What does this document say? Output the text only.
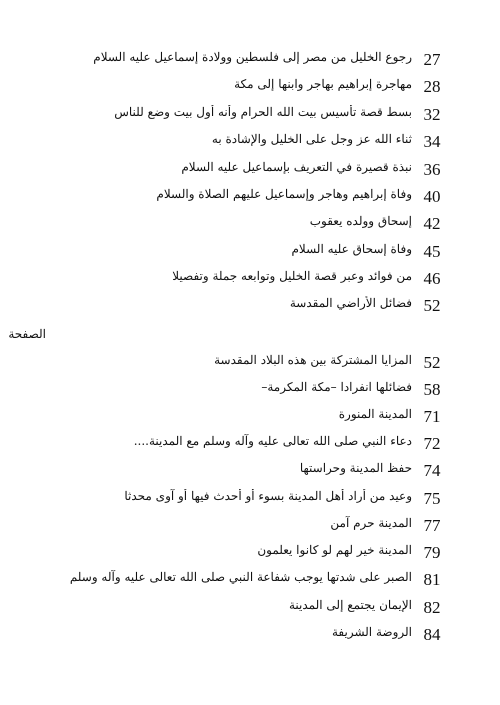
27
رجوع الخليل من مصر إلى فلسطين وولادة إسماعيل عليه السلام
28
مهاجرة إبراهيم بهاجر وابنها إلى مكة
32
بسط قصة تأسيس بيت الله الحرام وأنه أول بيت وضع للناس
34
ثناء الله عز وجل على الخليل والإشادة به
36
نبذة قصيرة في التعريف بإسماعيل عليه السلام
40
وفاة إبراهيم وهاجر وإسماعيل عليهم الصلاة والسلام
42
إسحاق وولده يعقوب
45
وفاة إسحاق عليه السلام
46
من فوائد وعبر قصة الخليل وتوابعه جملة وتفصيلا
52
فضائل الأراضي المقدسة
الصفحة
52
المزايا المشتركة بين هذه البلاد المقدسة
58
فضائلها انفرادا –مكة المكرمة–
71
المدينة المنورة
72
دعاء النبي صلى الله تعالى عليه وآله وسلم مع المدينة....
74
حفظ المدينة وحراستها
75
وعيد من أراد أهل المدينة بسوء أو أحدث فيها أو آوى محدثا
77
المدينة حرم آمن
79
المدينة خير لهم لو كانوا يعلمون
81
الصبر على شدتها يوجب شفاعة النبي صلى الله تعالى عليه وآله وسلم
82
الإيمان يجتمع إلى المدينة
84
الروضة الشريفة
